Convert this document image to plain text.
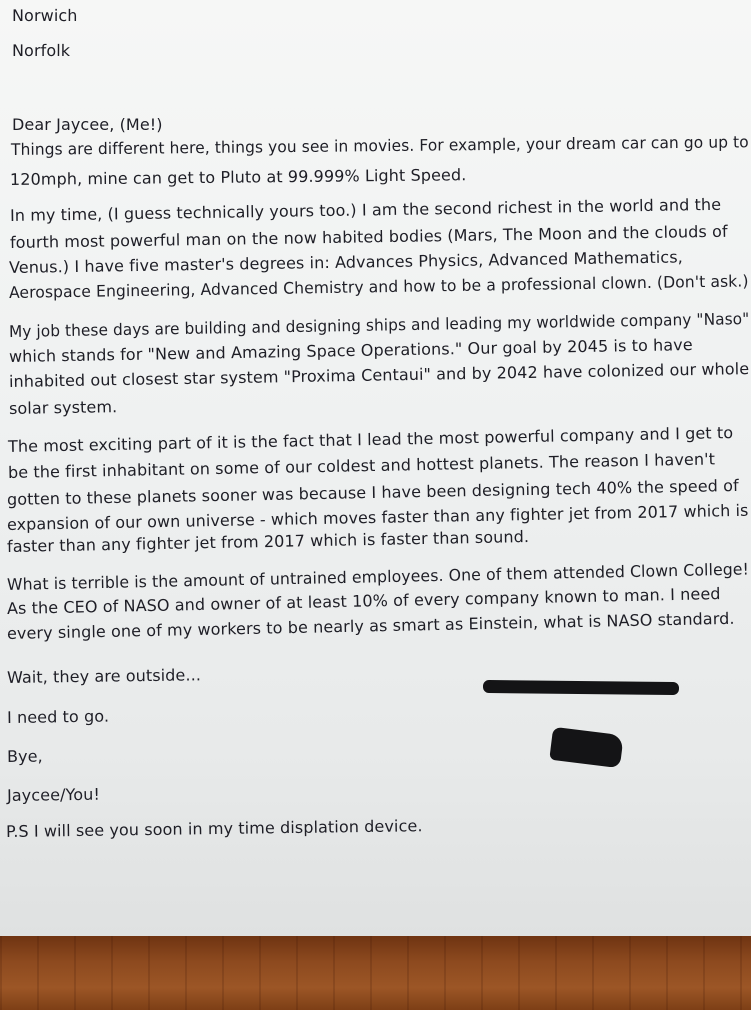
Norwich
Norfolk
Dear Jaycee, (Me!)
Things are different here, things you see in movies. For example, your dream car can go up to
120mph, mine can get to Pluto at 99.999% Light Speed.
In my time, (I guess technically yours too.) I am the second richest in the world and the
fourth most powerful man on the now habited bodies (Mars, The Moon and the clouds of
Venus.) I have five master's degrees in: Advances Physics, Advanced Mathematics,
Aerospace Engineering, Advanced Chemistry and how to be a professional clown. (Don't ask.)
My job these days are building and designing ships and leading my worldwide company "Naso"
which stands for "New and Amazing Space Operations." Our goal by 2045 is to have
inhabited out closest star system "Proxima Centaui" and by 2042 have colonized our whole
solar system.
The most exciting part of it is the fact that I lead the most powerful company and I get to
be the first inhabitant on some of our coldest and hottest planets. The reason I haven't
gotten to these planets sooner was because I have been designing tech 40% the speed of
expansion of our own universe - which moves faster than any fighter jet from 2017 which is
faster than any fighter jet from 2017 which is faster than sound.
What is terrible is the amount of untrained employees. One of them attended Clown College!
As the CEO of NASO and owner of at least 10% of every company known to man. I need
every single one of my workers to be nearly as smart as Einstein, what is NASO standard.
Wait, they are outside...
I need to go.
Bye,
Jaycee/You!
P.S I will see you soon in my time displation device.
